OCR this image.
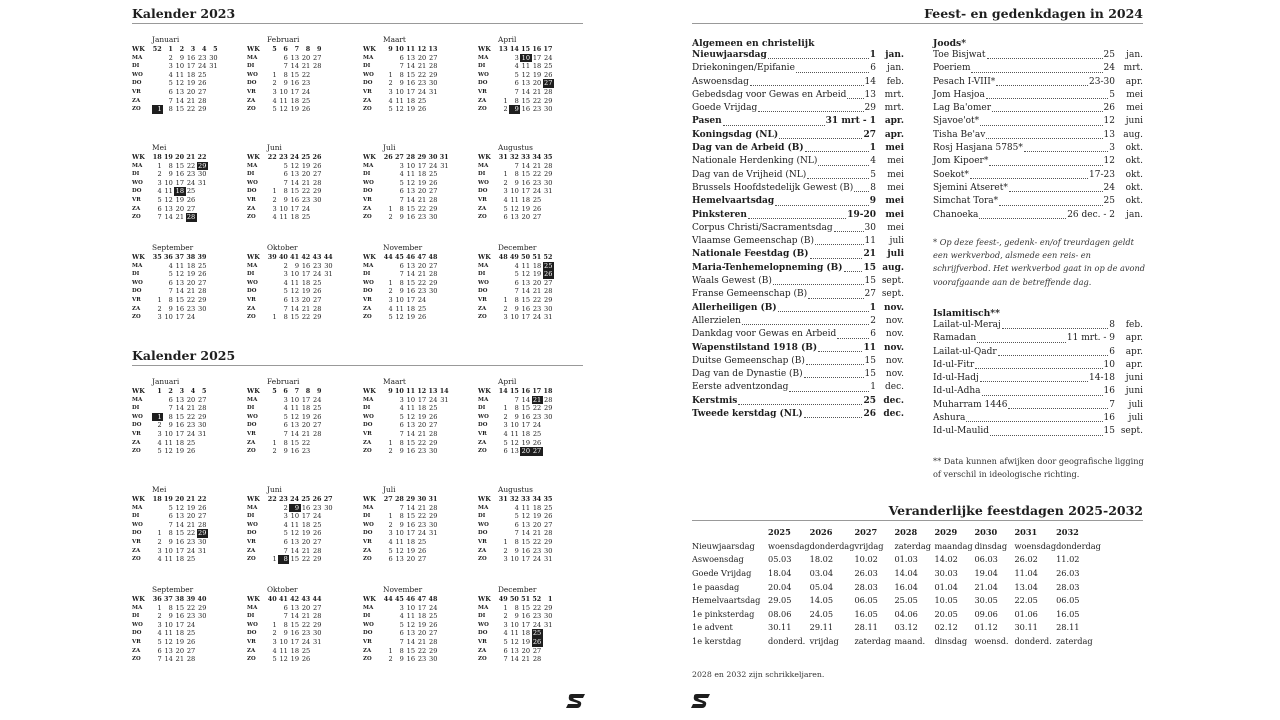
Kalender 2023
Januari
WK	52	1	2	3	4	5
MA	2	9 16 23 30
DI	3 10 17 24 31
WO	4 11 18 25
DO	5 12 19 26
VR	6 13 20 27
ZA	7 14 21 28
ZO	1	8 15 22 29
Februari
WK	5	6	7	8	9
MA	6 13 20 27
DI	7 14 21 28
WO	1	8 15 22
DO	2	9 16 23
VR	3 10 17 24
ZA	4 11 18 25
ZO	5 12 19 26
Maart
WK	9 10 11 12 13
MA	6 13 20 27
DI	7 14 21 28
WO	1	8 15 22 29
DO	2	9 16 23 30
VR	3 10 17 24 31
ZA	4 11 18 25
ZO	5 12 19 26
April
WK	13 14 15 16 17
MA	3 10 17 24
DI	4 11 18 25
WO	5 12 19 26
DO	6 13 20 27
VR	7 14 21 28
ZA	1	8 15 22 29
ZO	2	9 16 23 30
Mei
WK	18 19 20 21 22
MA	1	8 15 22 29
DI	2	9 16 23 30
WO	3 10 17 24 31
DO	4 11 18 25
VR	5 12 19 26
ZA	6 13 20 27
ZO	7 14 21 28
Juni
WK	22 23 24 25 26
MA	5 12 19 26
DI	6 13 20 27
WO	7 14 21 28
DO	1	8 15 22 29
VR	2	9 16 23 30
ZA	3 10 17 24
ZO	4 11 18 25
Juli
WK	26 27 28 29 30 31
MA	3 10 17 24 31
DI	4 11 18 25
WO	5 12 19 26
DO	6 13 20 27
VR	7 14 21 28
ZA	1	8 15 22 29
ZO	2	9 16 23 30
Augustus
WK	31 32 33 34 35
MA	7 14 21 28
DI	1	8 15 22 29
WO	2	9 16 23 30
DO	3 10 17 24 31
VR	4 11 18 25
ZA	5 12 19 26
ZO	6 13 20 27
September
WK	35 36 37 38 39
MA	4 11 18 25
DI	5 12 19 26
WO	6 13 20 27
DO	7 14 21 28
VR	1	8 15 22 29
ZA	2	9 16 23 30
ZO	3 10 17 24
Oktober
WK	39 40 41 42 43 44
MA	2	9 16 23 30
DI	3 10 17 24 31
WO	4 11 18 25
DO	5 12 19 26
VR	6 13 20 27
ZA	7 14 21 28
ZO	1	8 15 22 29
November
WK	44 45 46 47 48
MA	6 13 20 27
DI	7 14 21 28
WO	1	8 15 22 29
DO	2	9 16 23 30
VR	3 10 17 24
ZA	4 11 18 25
ZO	5 12 19 26
December
WK	48 49 50 51 52
MA	4 11 18 25
DI	5 12 19 26
WO	6 13 20 27
DO	7 14 21 28
VR	1	8 15 22 29
ZA	2	9 16 23 30
ZO	3 10 17 24 31
Kalender 2025
Januari
WK	1	2	3	4	5
MA	6 13 20 27
DI	7 14 21 28
WO	1	8 15 22 29
DO	2	9 16 23 30
VR	3 10 17 24 31
ZA	4 11 18 25
ZO	5 12 19 26
Februari
WK	5	6	7	8	9
MA	3 10 17 24
DI	4 11 18 25
WO	5 12 19 26
DO	6 13 20 27
VR	7 14 21 28
ZA	1	8 15 22
ZO	2	9 16 23
Maart
WK	9 10 11 12 13 14
MA	3 10 17 24 31
DI	4 11 18 25
WO	5 12 19 26
DO	6 13 20 27
VR	7 14 21 28
ZA	1	8 15 22 29
ZO	2	9 16 23 30
April
WK	14 15 16 17 18
MA	7 14 21 28
DI	1	8 15 22 29
WO	2	9 16 23 30
DO	3 10 17 24
VR	4 11 18 25
ZA	5 12 19 26
ZO	6 13 20 27
Mei
WK	18 19 20 21 22
MA	5 12 19 26
DI	6 13 20 27
WO	7 14 21 28
DO	1	8 15 22 29
VR	2	9 16 23 30
ZA	3 10 17 24 31
ZO	4 11 18 25
Juni
WK	22 23 24 25 26 27
MA	2	9 16 23 30
DI	3 10 17 24
WO	4 11 18 25
DO	5 12 19 26
VR	6 13 20 27
ZA	7 14 21 28
ZO	1	8 15 22 29
Juli
WK	27 28 29 30 31
MA	7 14 21 28
DI	1	8 15 22 29
WO	2	9 16 23 30
DO	3 10 17 24 31
VR	4 11 18 25
ZA	5 12 19 26
ZO	6 13 20 27
Augustus
WK	31 32 33 34 35
MA	4 11 18 25
DI	5 12 19 26
WO	6 13 20 27
DO	7 14 21 28
VR	1	8 15 22 29
ZA	2	9 16 23 30
ZO	3 10 17 24 31
September
WK	36 37 38 39 40
MA	1	8 15 22 29
DI	2	9 16 23 30
WO	3 10 17 24
DO	4 11 18 25
VR	5 12 19 26
ZA	6 13 20 27
ZO	7 14 21 28
Oktober
WK	40 41 42 43 44
MA	6 13 20 27
DI	7 14 21 28
WO	1	8 15 22 29
DO	2	9 16 23 30
VR	3 10 17 24 31
ZA	4 11 18 25
ZO	5 12 19 26
November
WK	44 45 46 47 48
MA	3 10 17 24
DI	4 11 18 25
WO	5 12 19 26
DO	6 13 20 27
VR	7 14 21 28
ZA	1	8 15 22 29
ZO	2	9 16 23 30
December
WK	49 50 51 52	1
MA	1	8 15 22 29
DI	2	9 16 23 30
WO	3 10 17 24 31
DO	4 11 18 25
VR	5 12 19 26
ZA	6 13 20 27
ZO	7 14 21 28
Feest- en gedenkdagen in 2024
Algemeen en christelijk
Nieuwjaarsdag	1	jan.
Driekoningen/Epifanie	6	jan.
Aswoensdag	14	feb.
Gebedsdag voor Gewas en Arbeid 13 mrt.
Goede Vrijdag	29 mrt.
Pasen	31 mrt - 1 apr.
Koningsdag (NL)	27 apr.
Dag van de Arbeid (B)	1	mei
Nationale Herdenking (NL)	4	mei
Dag van de Vrijheid (NL)	5	mei
Brussels Hoofdstedelijk Gewest (B) 8	mei
Hemelvaartsdag	9	mei
Pinksteren	19-20	mei
Corpus Christi/Sacramentsdag	30	mei
Vlaamse Gemeenschap (B)	11	juli
Nationale Feestdag (B)	21	juli
Maria-Tenhemelopneming (B) 15 aug.
Waals Gewest (B)	15 sept.
Franse Gemeenschap (B)	27 sept.
Allerheiligen (B)	1 nov.
Allerzielen	2	nov.
Dankdag voor Gewas en Arbeid	6	nov.
Wapenstilstand 1918 (B)	11 nov.
Duitse Gemeenschap (B)	15	nov.
Dag van de Dynastie (B)	15	nov.
Eerste adventzondag	1	dec.
Kerstmis	25 dec.
Tweede kerstdag (NL)	26 dec.
Joods*
Toe Bisjwat	25	jan.
Poeriem	24 mrt.
Pesach I-VIII*	23-30	apr.
Jom Hasjoa	5	mei
Lag Ba'omer	26	mei
Sjavoe'ot*	12	juni
Tisha Be'av	13 aug.
Rosj Hasjana 5785*	3	okt.
Jom Kipoer*	12	okt.
Soekot*	17-23	okt.
Sjemini Atseret*	24	okt.
Simchat Tora*	25	okt.
Chanoeka	26 dec. - 2	jan.
* Op deze feest-, gedenk- en/of treurdagen geldt een werkverbod, alsmede een reis- en schrijfverbod. Het werkverbod gaat in op de avond voorafgaande aan de betreffende dag.
Islamitisch**
Lailat-ul-Meraj	8	feb.
Ramadan	11 mrt. - 9	apr.
Lailat-ul-Qadr	6	apr.
Id-ul-Fitr	10	apr.
Id-ul-Hadj	14-18	juni
Id-ul-Adha	16	juni
Muharram 1446	7	juli
Ashura	16	juli
Id-ul-Maulid	15 sept.
** Data kunnen afwijken door geografische ligging of verschil in ideologische richting.
Veranderlijke feestdagen 2025-2032
	2025	2026	2027	2028	2029	2030	2031	2032
Nieuwjaarsdag	woensdag	donderdag	vrijdag	zaterdag	maandag	dinsdag	woensdag	donderdag
Aswoensdag	05.03	18.02	10.02	01.03	14.02	06.03	26.02	11.02
Goede Vrijdag	18.04	03.04	26.03	14.04	30.03	19.04	11.04	26.03
1e paasdag	20.04	05.04	28.03	16.04	01.04	21.04	13.04	28.03
Hemelvaartsdag	29.05	14.05	06.05	25.05	10.05	30.05	22.05	06.05
1e pinksterdag	08.06	24.05	16.05	04.06	20.05	09.06	01.06	16.05
1e advent	30.11	29.11	28.11	03.12	02.12	01.12	30.11	28.11
1e kerstdag	donderd.	vrijdag	zaterdag	maand.	dinsdag	woensd.	donderd.	zaterdag
2028 en 2032 zijn schrikkeljaren.
